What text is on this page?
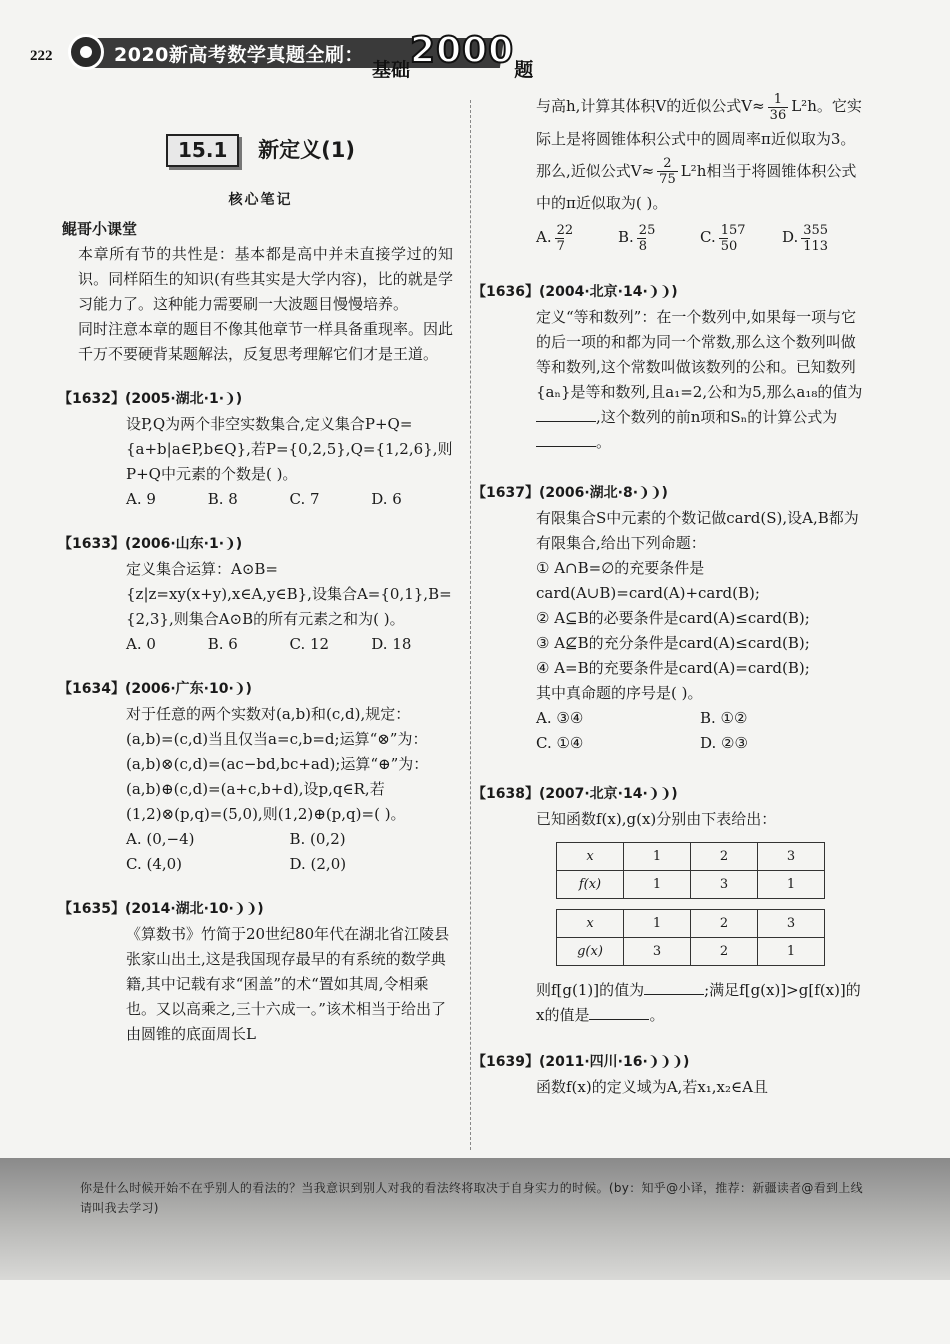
222	2020新高考数学真题全刷：
基础2000题
15.1 新定义(1)
核心笔记
鲲哥小课堂
本章所有节的共性是：基本都是高中并未直接学过的知识。同样陌生的知识(有些其实是大学内容)，比的就是学习能力了。这种能力需要刷一大波题目慢慢培养。
同时注意本章的题目不像其他章节一样具备重现率。因此千万不要硬背某题解法，反复思考理解它们才是王道。
【1632】(2005·湖北·1·❩)
设P,Q为两个非空实数集合,定义集合P+Q={a+b|a∈P,b∈Q},若P={0,2,5},Q={1,2,6},则P+Q中元素的个数是( )。
A. 9	B. 8	C. 7	D. 6
【1633】(2006·山东·1·❩)
定义集合运算：A⊙B={z|z=xy(x+y),x∈A,y∈B},设集合A={0,1},B={2,3},则集合A⊙B的所有元素之和为( )。
A. 0	B. 6	C. 12	D. 18
【1634】(2006·广东·10·❩)
对于任意的两个实数对(a,b)和(c,d),规定：(a,b)=(c,d)当且仅当a=c,b=d;运算“⊗”为：(a,b)⊗(c,d)=(ac−bd,bc+ad);运算“⊕”为：(a,b)⊕(c,d)=(a+c,b+d),设p,q∈R,若(1,2)⊗(p,q)=(5,0),则(1,2)⊕(p,q)=( )。
A. (0,−4)	B. (0,2)
C. (4,0)	D. (2,0)
【1635】(2014·湖北·10·❩❩)
《算数书》竹简于20世纪80年代在湖北省江陵县张家山出土,这是我国现存最早的有系统的数学典籍,其中记载有求“囷盖”的术“置如其周,令相乘也。又以高乘之,三十六成一。”该术相当于给出了由圆锥的底面周长L
与高h,计算其体积V的近似公式$V\approx \frac{1}{36} L^2h$。它实际上是将圆锥体积公式中的圆周率π近似取为3。那么,近似公式$V\approx \frac{2}{75} L^2h$相当于将圆锥体积公式中的π近似取为( )。
A. $\frac{22}{7}$	B. $\frac{25}{8}$	C. $\frac{157}{50}$	D. $\frac{355}{113}$
【1636】(2004·北京·14·❩❩)
定义“等和数列”：在一个数列中,如果每一项与它的后一项的和都为同一个常数,那么这个数列叫做等和数列,这个常数叫做该数列的公和。已知数列{aₙ}是等和数列,且a₁=2,公和为5,那么a₁₈的值为,这个数列的前n项和Sₙ的计算公式为。
【1637】(2006·湖北·8·❩❩)
有限集合S中元素的个数记做card(S),设A,B都为有限集合,给出下列命题：
① A∩B=∅的充要条件是card(A∪B)=card(A)+card(B);
② A⊆B的必要条件是card(A)≤card(B);
③ A⊈B的充分条件是card(A)≤card(B);
④ A=B的充要条件是card(A)=card(B);
其中真命题的序号是( )。
A. ③④	B. ①②
C. ①④	D. ②③
【1638】(2007·北京·14·❩❩)
已知函数f(x),g(x)分别由下表给出：
x	1	2	3
f(x)	1	3	1
x	1	2	3
g(x)	3	2	1
则f[g(1)]的值为	;满足f[g(x)]>g[f(x)]的x的值是	。
【1639】(2011·四川·16·❩❩❩)
函数f(x)的定义域为A,若x₁,x₂∈A且
你是什么时候开始不在乎别人的看法的？当我意识到别人对我的看法终将取决于自身实力的时候。(by：知乎@小译，推荐：新疆读者@看到上线请叫我去学习)
